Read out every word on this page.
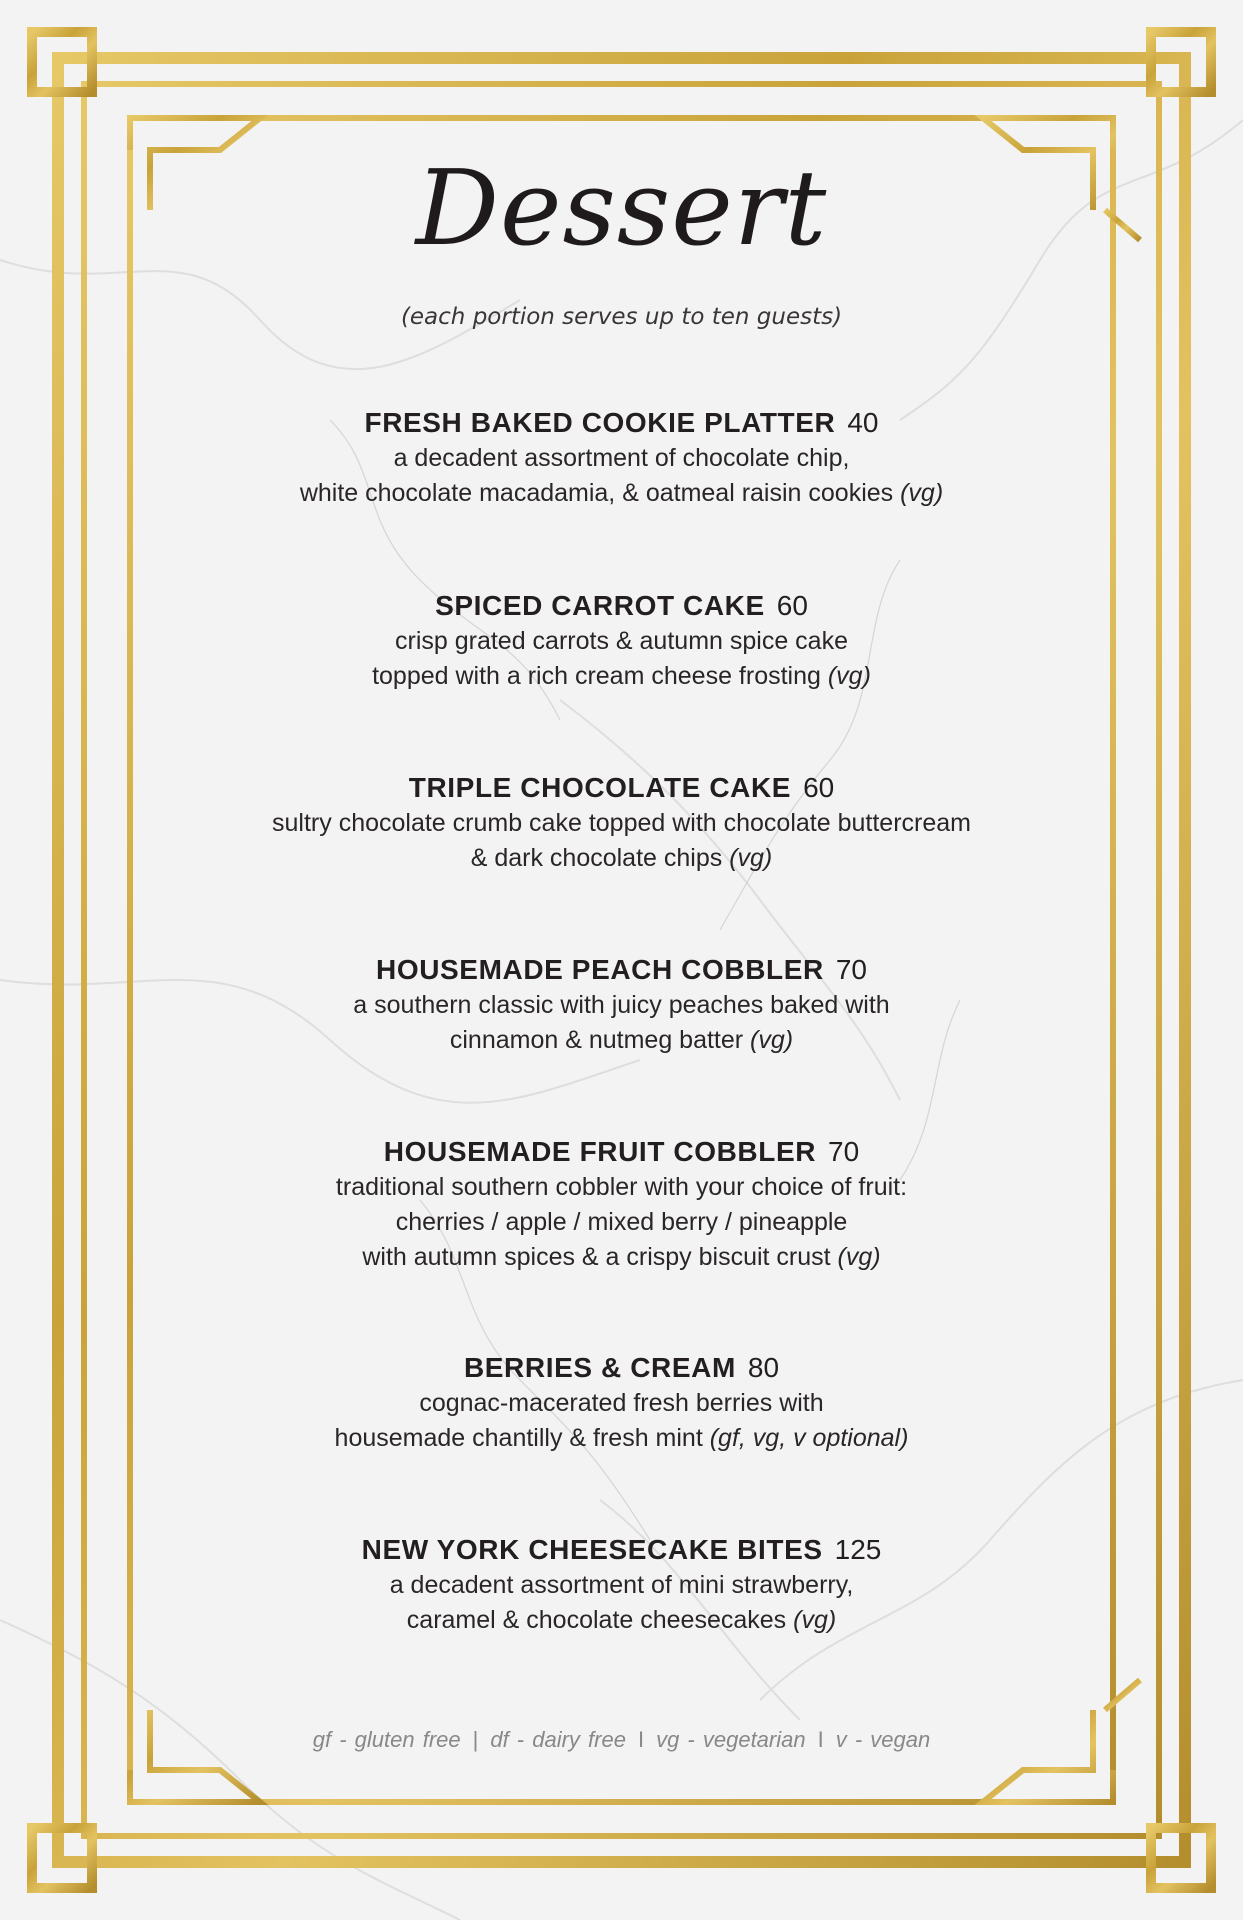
Dessert
(each portion serves up to ten guests)
FRESH BAKED COOKIE PLATTER 40
a decadent assortment of chocolate chip,
white chocolate macadamia, & oatmeal raisin cookies (vg)
SPICED CARROT CAKE 60
crisp grated carrots & autumn spice cake
topped with a rich cream cheese frosting (vg)
TRIPLE CHOCOLATE CAKE 60
sultry chocolate crumb cake topped with chocolate buttercream
& dark chocolate chips (vg)
HOUSEMADE PEACH COBBLER 70
a southern classic with juicy peaches baked with
cinnamon & nutmeg batter (vg)
HOUSEMADE FRUIT COBBLER 70
traditional southern cobbler with your choice of fruit:
cherries / apple / mixed berry / pineapple
with autumn spices & a crispy biscuit crust (vg)
BERRIES & CREAM 80
cognac-macerated fresh berries with
housemade chantilly & fresh mint (gf, vg, v optional)
NEW YORK CHEESECAKE BITES 125
a decadent assortment of mini strawberry,
caramel & chocolate cheesecakes (vg)
gf - gluten free | df - dairy free I vg - vegetarian I v - vegan
